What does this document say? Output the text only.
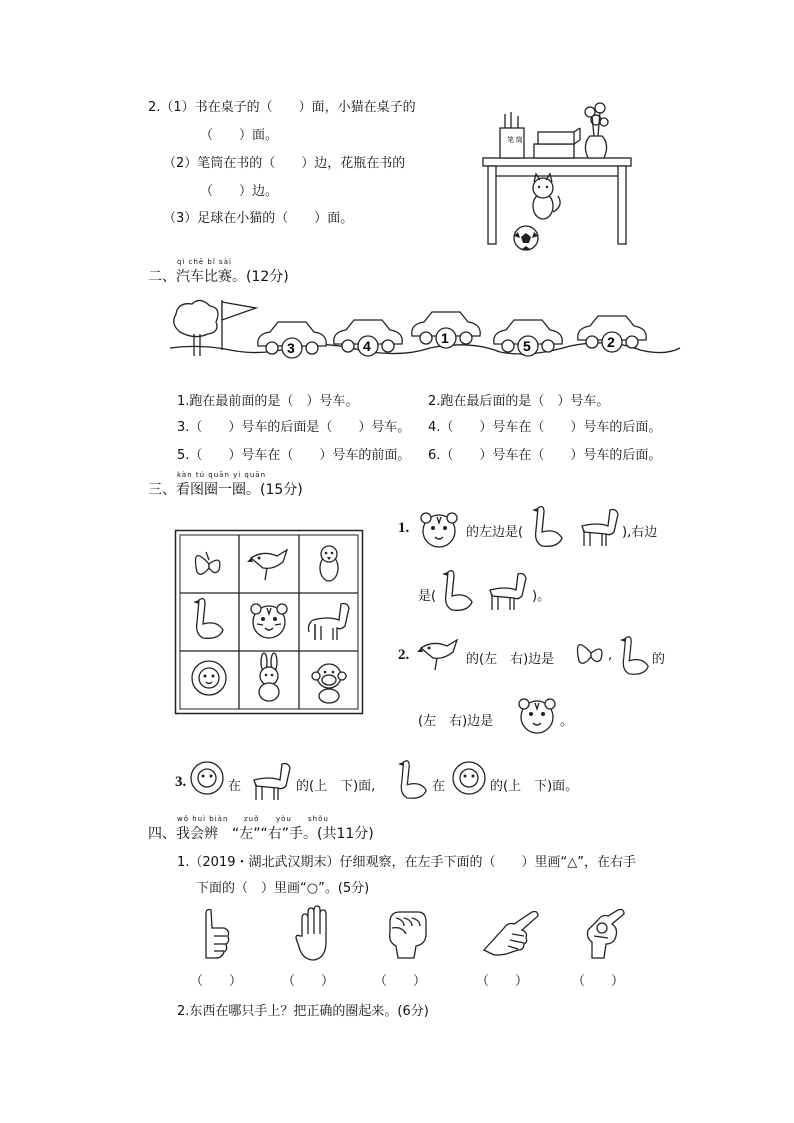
2.（1）书在桌子的（　　）面，小猫在桌子的
（　　）面。
（2）笔筒在书的（　　）边，花瓶在书的
（　　）边。
（3）足球在小猫的（　　）面。
笔 筒
qì chē bǐ sài
二、汽车比赛。(12分)
3	4	1	5	2
1.跑在最前面的是（　）号车。	2.跑在最后面的是（　）号车。
3.（　　）号车的后面是（　　）号车。 4.（　　）号车在（　　）号车的后面。
5.（　　）号车在（　　）号车的前面。 6.（　　）号车在（　　）号车的后面。
kàn tú quān yi quān
三、看图圈一圈。(15分)
1.	的左边是(	),右边
是(	)。
2.	的(左　右)边是	,	的
(左　右)边是	。
3.	在	的(上　下)面,	在	的(上　下)面。
wǒ huì biàn zuǒ yòu shǒu
四、我会辨　“左”“右”手。(共11分)
1.（2019・湖北武汉期末）仔细观察，在左手下面的（　　）里画“△”，在右手
下面的（　）里画“○”。(5分)
（　　）	（　　）	（　　）	（　　）	（　　）
2.东西在哪只手上？把正确的圈起来。(6分)
